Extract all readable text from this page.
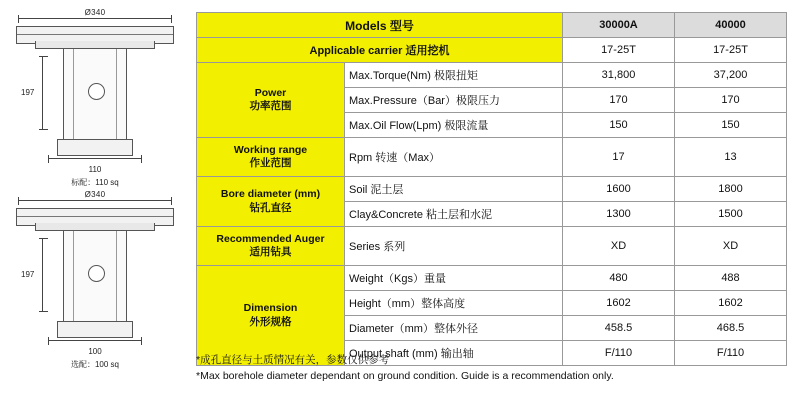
Ø340
197
110
标配：110 sq
Ø340
197
100
选配：100 sq
Models 型号		30000A	40000
Applicable carrier 适用挖机		17-25T	17-25T
Power
功率范围	Max.Torque(Nm) 极限扭矩	31,800	37,200
	Max.Pressure（Bar）极限压力	170	170
	Max.Oil Flow(Lpm) 极限流量	150	150
Working range
作业范围	Rpm 转速（Max）	17	13
Bore diameter (mm)
钻孔直径	Soil 泥土层	1600	1800
	Clay&Concrete 粘土层和水泥	1300	1500
Recommended Auger
适用钻具	Series 系列	XD	XD
Dimension
外形规格	Weight（Kgs）重量	480	488
	Height（mm）整体高度	1602	1602
	Diameter（mm）整体外径	458.5	468.5
	Output shaft (mm) 输出轴	F/110	F/110
*成孔直径与土质情况有关，参数仅供参考
*Max borehole diameter dependant on ground condition. Guide is a recommendation only.
